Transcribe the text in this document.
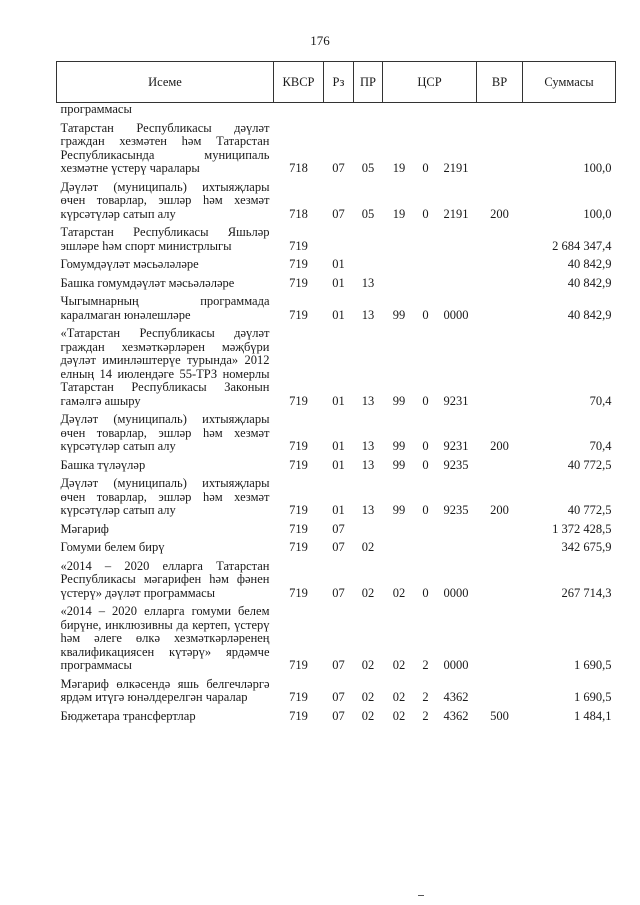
176
Исеме	КВСР	Рз	ПР	ЦСР			ВР	Суммасы
программасы								
Татарстан Республикасы дәүләт граждан хезмәтен һәм Татарстан Республикасында муниципаль хезмәтне үстерү чаралары	718	07	05	19	0	2191		100,0
Дәүләт (муниципаль) ихтыяҗлары өчен товарлар, эшләр һәм хезмәт күрсәтүләр сатып алу	718	07	05	19	0	2191	200	100,0
Татарстан Республикасы Яшьләр эшләре һәм спорт министрлыгы	719							2 684 347,4
Гомумдәүләт мәсьәләләре	719	01						40 842,9
Башка гомумдәүләт мәсьәләләре	719	01	13					40 842,9
Чыгымнарның программада каралмаган юнәлешләре	719	01	13	99	0	0000		40 842,9
«Татарстан Республикасы дәүләт граждан хезмәткәрләрен мәҗбүри дәүләт иминләштерүе турында» 2012 елның 14 июлендәге 55-ТРЗ номерлы Татарстан Республикасы Законын гамәлгә ашыру	719	01	13	99	0	9231		70,4
Дәүләт (муниципаль) ихтыяҗлары өчен товарлар, эшләр һәм хезмәт күрсәтүләр сатып алу	719	01	13	99	0	9231	200	70,4
Башка түләүләр	719	01	13	99	0	9235		40 772,5
Дәүләт (муниципаль) ихтыяҗлары өчен товарлар, эшләр һәм хезмәт күрсәтүләр сатып алу	719	01	13	99	0	9235	200	40 772,5
Мәгариф	719	07						1 372 428,5
Гомуми белем бирү	719	07	02					342 675,9
«2014 – 2020 елларга Татарстан Республикасы мәгарифен һәм фәнен үстерү» дәүләт программасы	719	07	02	02	0	0000		267 714,3
«2014 – 2020 елларга гомуми белем бирүне, инклюзивны да кертеп, үстерү һәм әлеге өлкә хезмәткәрләренең квалификациясен күтәрү» ярдәмче программасы	719	07	02	02	2	0000		1 690,5
Мәгариф өлкәсендә яшь белгечләргә ярдәм итүгә юнәлдерелгән чаралар	719	07	02	02	2	4362		1 690,5
Бюджетара трансфертлар	719	07	02	02	2	4362	500	1 484,1
